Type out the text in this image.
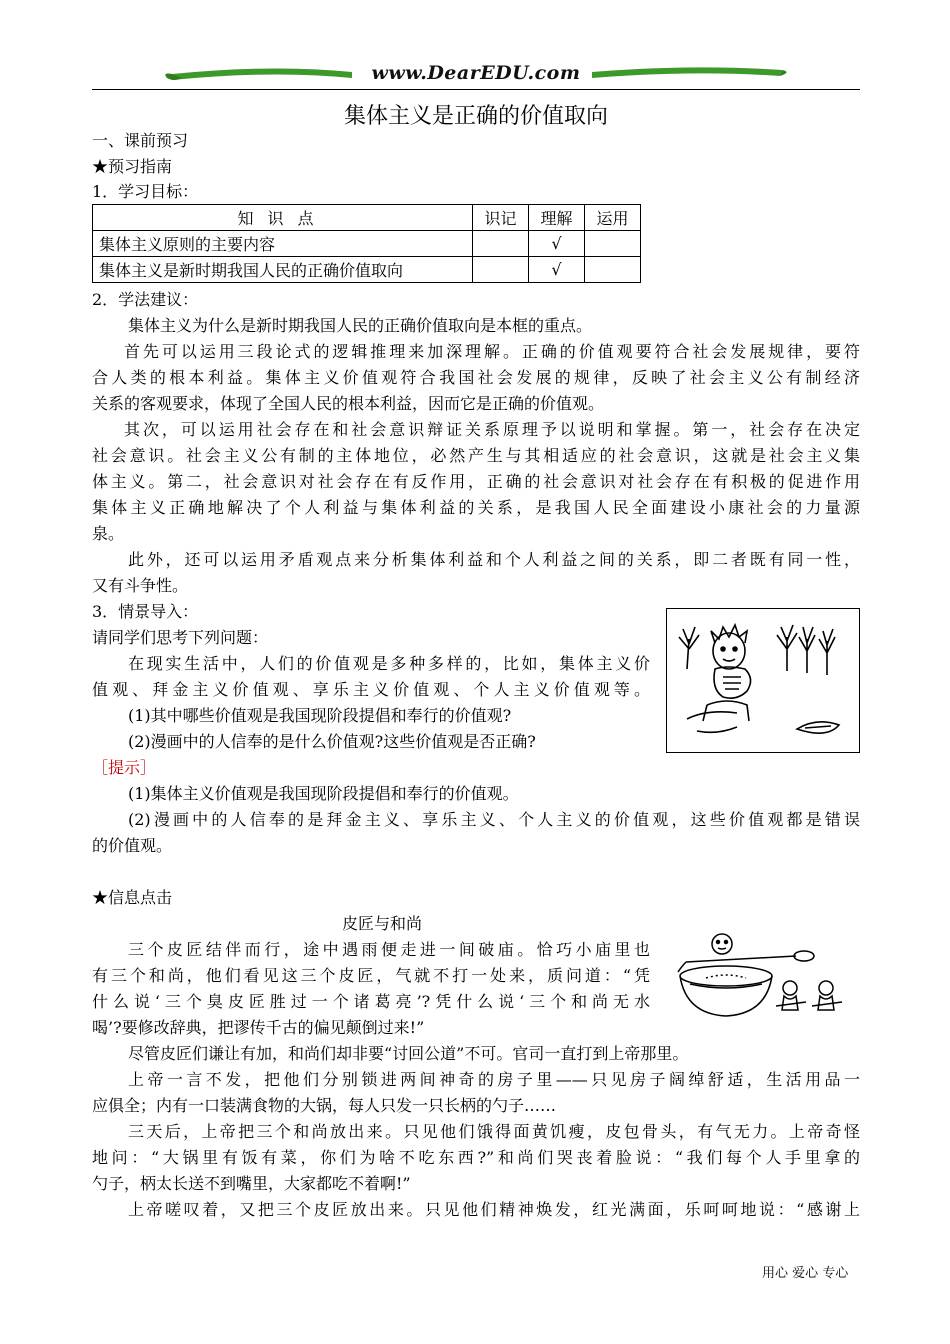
www.DearEDU.com
集体主义是正确的价值取向
一、课前预习
★预习指南
1．学习目标：
知识点	识记	理解	运用
集体主义原则的主要内容		√	
集体主义是新时期我国人民的正确价值取向		√	
2．学法建议：
集体主义为什么是新时期我国人民的正确价值取向是本框的重点。
首先可以运用三段论式的逻辑推理来加深理解。正确的价值观要符合社会发展规律，要符
合人类的根本利益。集体主义价值观符合我国社会发展的规律，反映了社会主义公有制经济
关系的客观要求，体现了全国人民的根本利益，因而它是正确的价值观。
其次，可以运用社会存在和社会意识辩证关系原理予以说明和掌握。第一，社会存在决定
社会意识。社会主义公有制的主体地位，必然产生与其相适应的社会意识，这就是社会主义集
体主义。第二，社会意识对社会存在有反作用，正确的社会意识对社会存在有积极的促进作用
集体主义正确地解决了个人利益与集体利益的关系，是我国人民全面建设小康社会的力量源
泉。
此外，还可以运用矛盾观点来分析集体利益和个人利益之间的关系，即二者既有同一性，
又有斗争性。
3．情景导入：
请同学们思考下列问题：
在现实生活中，人们的价值观是多种多样的，比如，集体主义价
值观、拜金主义价值观、享乐主义价值观、个人主义价值观等。
(1)其中哪些价值观是我国现阶段提倡和奉行的价值观?
(2)漫画中的人信奉的是什么价值观?这些价值观是否正确?
［提示］
(1)集体主义价值观是我国现阶段提倡和奉行的价值观。
(2)漫画中的人信奉的是拜金主义、享乐主义、个人主义的价值观，这些价值观都是错误
的价值观。
★信息点击
皮匠与和尚
三个皮匠结伴而行，途中遇雨便走进一间破庙。恰巧小庙里也
有三个和尚，他们看见这三个皮匠，气就不打一处来，质问道：“凭
什么说‘三个臭皮匠胜过一个诸葛亮’?凭什么说‘三个和尚无水
喝’?要修改辞典，把谬传千古的偏见颠倒过来!”
尽管皮匠们谦让有加，和尚们却非要“讨回公道”不可。官司一直打到上帝那里。
上帝一言不发，把他们分别锁进两间神奇的房子里——只见房子阔绰舒适，生活用品一
应俱全；内有一口装满食物的大锅，每人只发一只长柄的勺子……
三天后，上帝把三个和尚放出来。只见他们饿得面黄饥瘦，皮包骨头，有气无力。上帝奇怪
地问：“大锅里有饭有菜，你们为啥不吃东西?”和尚们哭丧着脸说：“我们每个人手里拿的
勺子，柄太长送不到嘴里，大家都吃不着啊!”
上帝嗟叹着，又把三个皮匠放出来。只见他们精神焕发，红光满面，乐呵呵地说：“感谢上
用心 爱心 专心
